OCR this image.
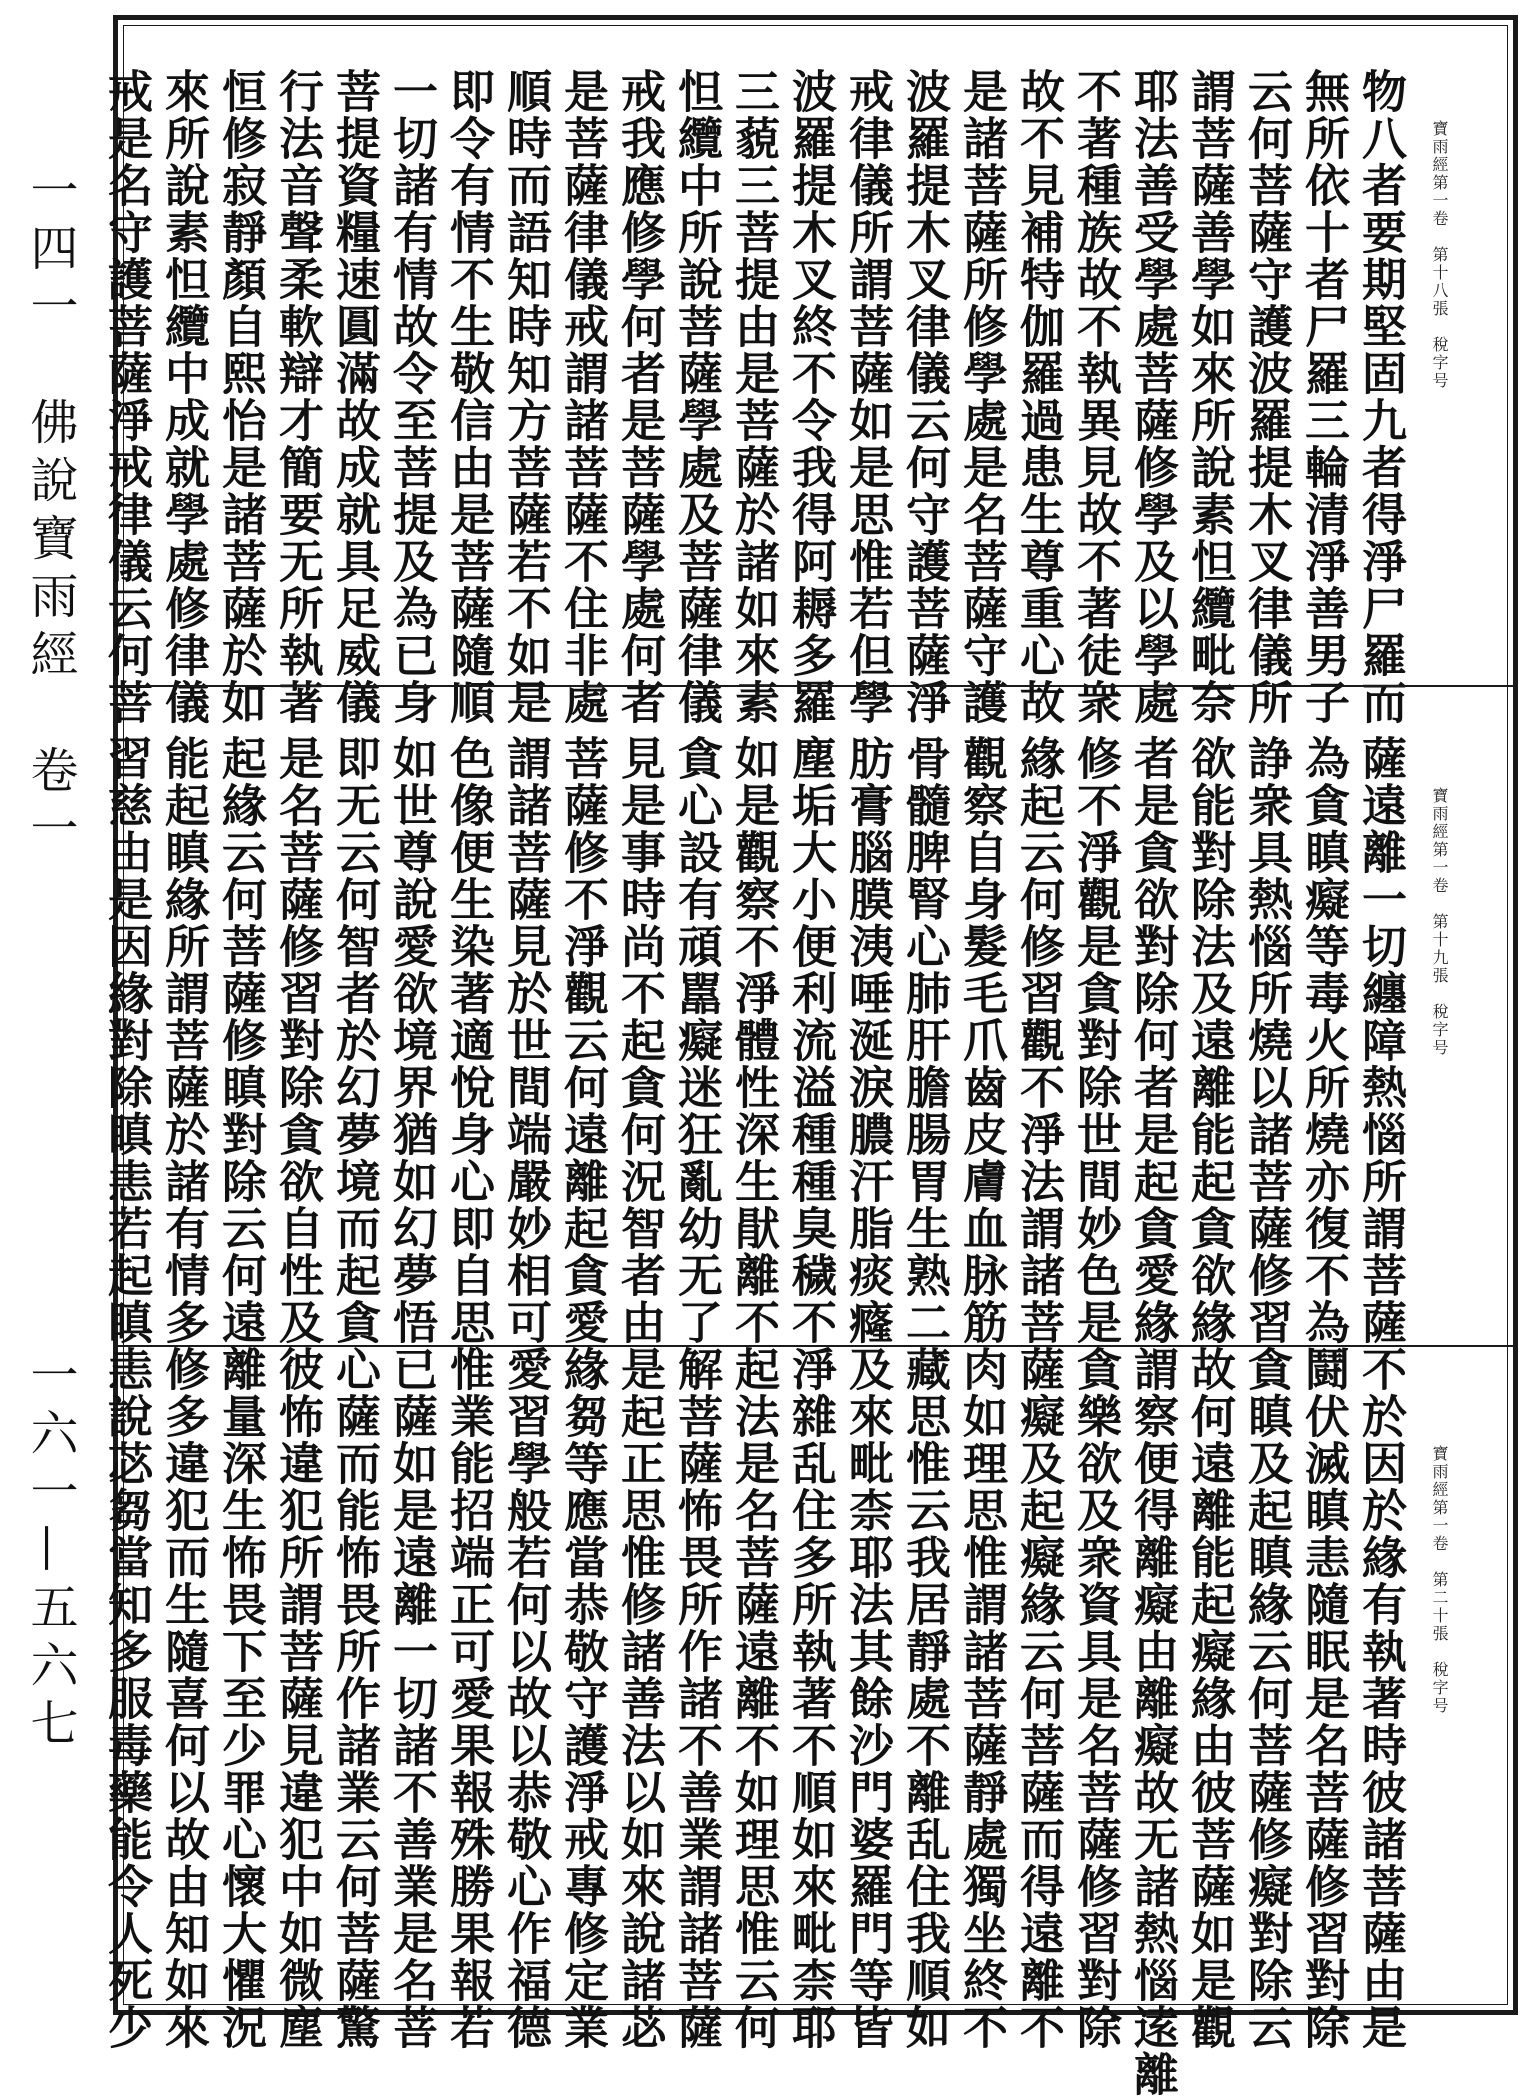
一四一　佛說寶雨經　卷一
一六一—五六七
寶雨經第一卷　第十八張　稅字号
物八者要期堅固九者得淨尸羅而
無所依十者尸羅三輪清淨善男子
云何菩薩守護波羅提木叉律儀所
謂菩薩善學如來所說素怛纜毗奈
耶法善受學處菩薩修學及以學處
不著種族故不執異見故不著徒衆
故不見補特伽羅過患生尊重心故
是諸菩薩所修學處是名菩薩守護
波羅提木叉律儀云何守護菩薩淨
戒律儀所謂菩薩如是思惟若但學
波羅提木叉終不令我得阿耨多羅
三藐三菩提由是菩薩於諸如來素
怛纜中所說菩薩學處及菩薩律儀
戒我應修學何者是菩薩學處何者
是菩薩律儀戒謂諸菩薩不住非處
順時而語知時知方菩薩若不如是
即令有情不生敬信由是菩薩隨順
一切諸有情故令至菩提及為已身
菩提資糧速圓滿故成就具足威儀
行法音聲柔軟辯才簡要无所執著
恒修寂靜顏自熙怡是諸菩薩於如
來所說素怛纜中成就學處修律儀
戒是名守護菩薩淨戒律儀云何菩
寶雨經第一卷　第十九張　稅字号
薩遠離一切纏障熱惱所謂菩薩不
為貪瞋癡等毒火所燒亦復不為鬪
諍衆具熱惱所燒以諸菩薩修習貪
欲能對除法及遠離能起貪欲緣故何
者是貪欲對除何者是起貪愛緣謂
修不淨觀是貪對除世間妙色是貪
緣起云何修習觀不淨法謂諸菩薩
觀察自身髮毛爪齒皮膚血脉筋肉
骨髓脾腎心肺肝膽腸胃生熟二藏
肪膏腦膜洟唾涎淚膿汗脂痰癃及
塵垢大小便利流溢種種臭穢不淨
如是觀察不淨體性深生猒離不起
貪心設有頑嚚癡迷狂亂幼无了解
見是事時尚不起貪何況智者由是
菩薩修不淨觀云何遠離起貪愛緣
謂諸菩薩見於世間端嚴妙相可愛
色像便生染著適悅身心即自思惟
如世尊說愛欲境界猶如幻夢悟已
即无云何智者於幻夢境而起貪心
是名菩薩修習對除貪欲自性及彼
起緣云何菩薩修瞋對除云何遠離
能起瞋緣所謂菩薩於諸有情多修
習慈由是因緣對除瞋恚若起瞋恚
寶雨經第一卷　第二十張　稅字号
於因於緣有執著時彼諸菩薩由是
伏滅瞋恚隨眠是名菩薩修習對除
瞋及起瞋緣云何菩薩修癡對除云
何遠離能起癡緣由彼菩薩如是觀
察便得離癡由離癡故无諸熱惱逺離
樂欲及衆資具是名菩薩修習對除
癡及起癡緣云何菩薩而得遠離不
如理思惟謂諸菩薩靜處獨坐終不
思惟云我居靜處不離乱住我順如
來毗柰耶法其餘沙門婆羅門等皆
雜乱住多所執著不順如來毗柰耶
法是名菩薩遠離不如理思惟云何
菩薩怖畏所作諸不善業謂諸菩薩
起正思惟修諸善法以如來說諸苾
芻等應當恭敬守護淨戒專修定業
習學般若何以故以恭敬心作福德
業能招端正可愛果報殊勝果報若
薩如是遠離一切諸不善業是名菩
薩而能怖畏所作諸業云何菩薩驚
怖違犯所謂菩薩見違犯中如微塵
量深生怖畏下至少罪心懷大懼況
多違犯而生隨喜何以故由知如來
說苾芻當知多服毒藥能令人死少
